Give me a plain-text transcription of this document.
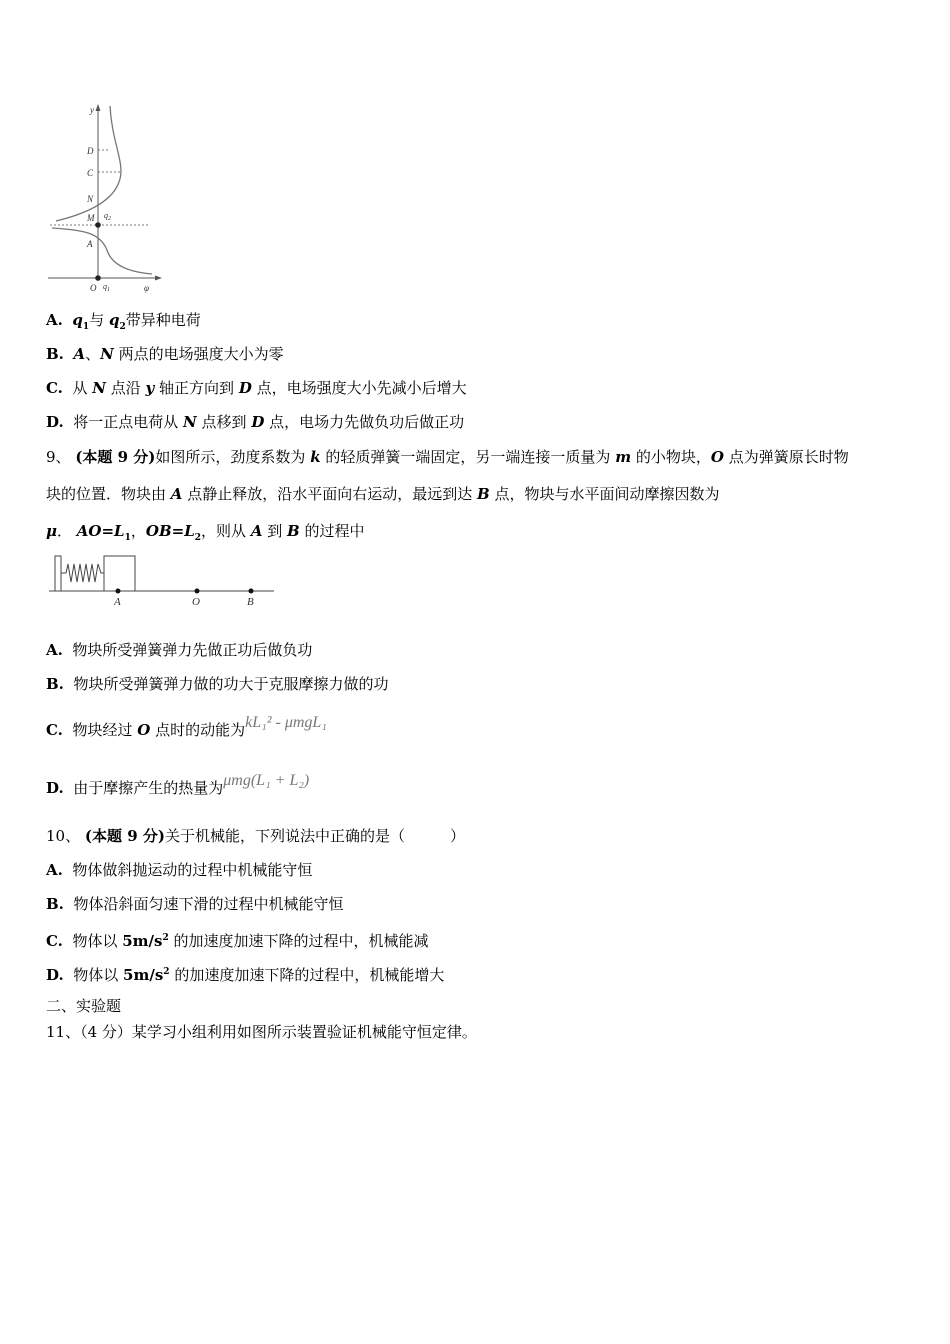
y
D
C
N
M
A
O
$q_2$
$q_1$	φ
A. $q_1$与 $q_2$带异种电荷
B. A、N 两点的电场强度大小为零
C. 从 N 点沿 y 轴正方向到 D 点，电场强度大小先减小后增大
D. 将一正点电荷从 N 点移到 D 点，电场力先做负功后做正功
9、 (本题 9 分)如图所示，劲度系数为 k 的轻质弹簧一端固定，另一端连接一质量为 m 的小物块，O 点为弹簧原长时物
块的位置．物块由 A 点静止释放，沿水平面向右运动，最远到达 B 点，物块与水平面间动摩擦因数为
μ． $AO=L_1$，$OB=L_2$，则从 A 到 B 的过程中
A	O	B
A. 物块所受弹簧弹力先做正功后做负功
B. 物块所受弹簧弹力做的功大于克服摩擦力做的功
C. 物块经过 O 点时的动能为kL₁² - μmgL₁
D. 由于摩擦产生的热量为μmg(L₁ + L₂)
10、 (本题 9 分)关于机械能，下列说法中正确的是（　　　）
A. 物体做斜抛运动的过程中机械能守恒
B. 物体沿斜面匀速下滑的过程中机械能守恒
C. 物体以 $5m/s^2$ 的加速度加速下降的过程中，机械能减
D. 物体以 $5m/s^2$ 的加速度加速下降的过程中，机械能增大
二、实验题
11、（4 分）某学习小组利用如图所示装置验证机械能守恒定律。
